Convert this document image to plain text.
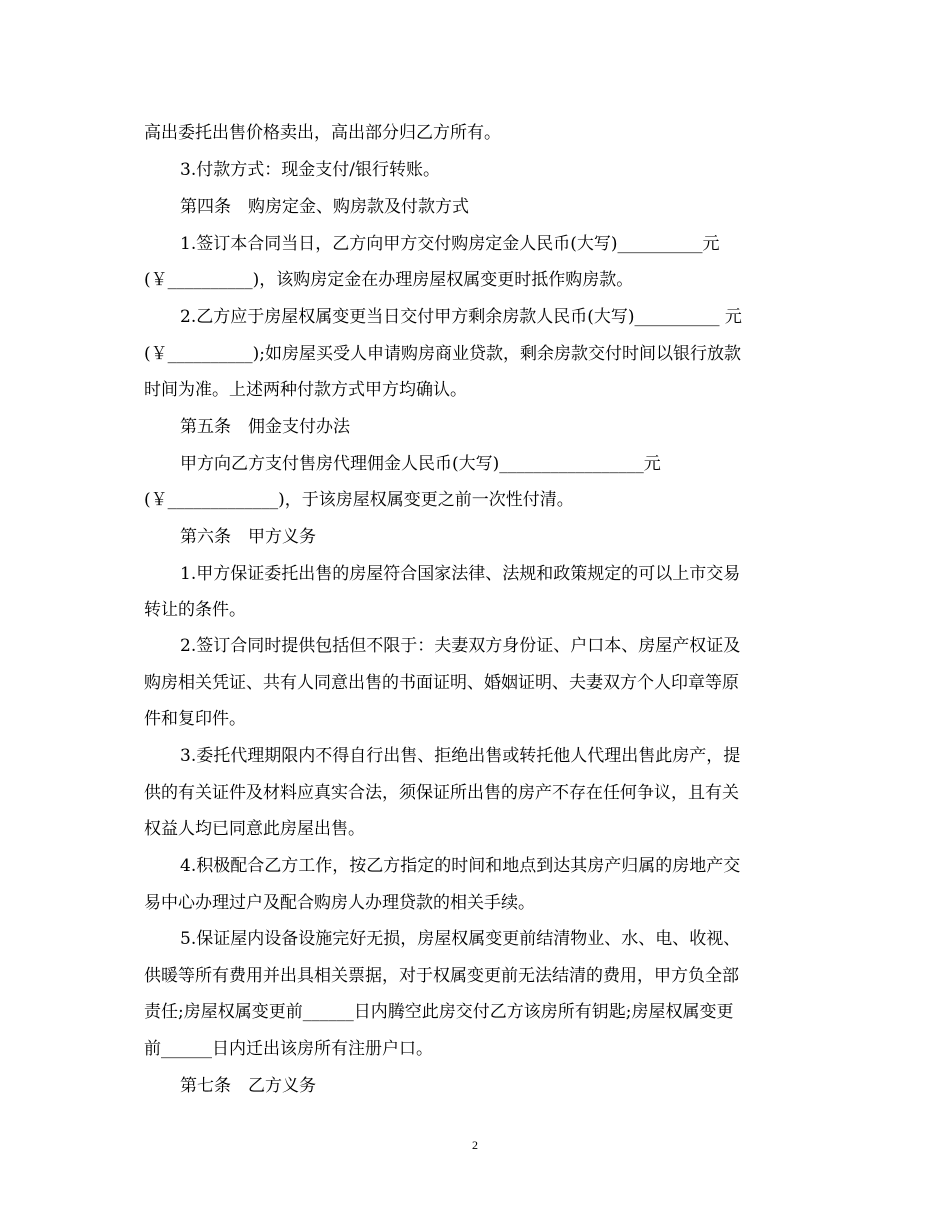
高出委托出售价格卖出，高出部分归乙方所有。
3.付款方式：现金支付/银行转账。
第四条　购房定金、购房款及付款方式
1.签订本合同当日，乙方向甲方交付购房定金人民币(大写)__________元
(￥__________)，该购房定金在办理房屋权属变更时抵作购房款。
2.乙方应于房屋权属变更当日交付甲方剩余房款人民币(大写)__________ 元
(￥__________);如房屋买受人申请购房商业贷款，剩余房款交付时间以银行放款
时间为准。上述两种付款方式甲方均确认。
第五条　佣金支付办法
甲方向乙方支付售房代理佣金人民币(大写)_________________元
(￥_____________)，于该房屋权属变更之前一次性付清。
第六条　甲方义务
1.甲方保证委托出售的房屋符合国家法律、法规和政策规定的可以上市交易
转让的条件。
2.签订合同时提供包括但不限于：夫妻双方身份证、户口本、房屋产权证及
购房相关凭证、共有人同意出售的书面证明、婚姻证明、夫妻双方个人印章等原
件和复印件。
3.委托代理期限内不得自行出售、拒绝出售或转托他人代理出售此房产，提
供的有关证件及材料应真实合法，须保证所出售的房产不存在任何争议，且有关
权益人均已同意此房屋出售。
4.积极配合乙方工作，按乙方指定的时间和地点到达其房产归属的房地产交
易中心办理过户及配合购房人办理贷款的相关手续。
5.保证屋内设备设施完好无损，房屋权属变更前结清物业、水、电、收视、
供暖等所有费用并出具相关票据，对于权属变更前无法结清的费用，甲方负全部
责任;房屋权属变更前______日内腾空此房交付乙方该房所有钥匙;房屋权属变更
前______日内迁出该房所有注册户口。
第七条　乙方义务
2
